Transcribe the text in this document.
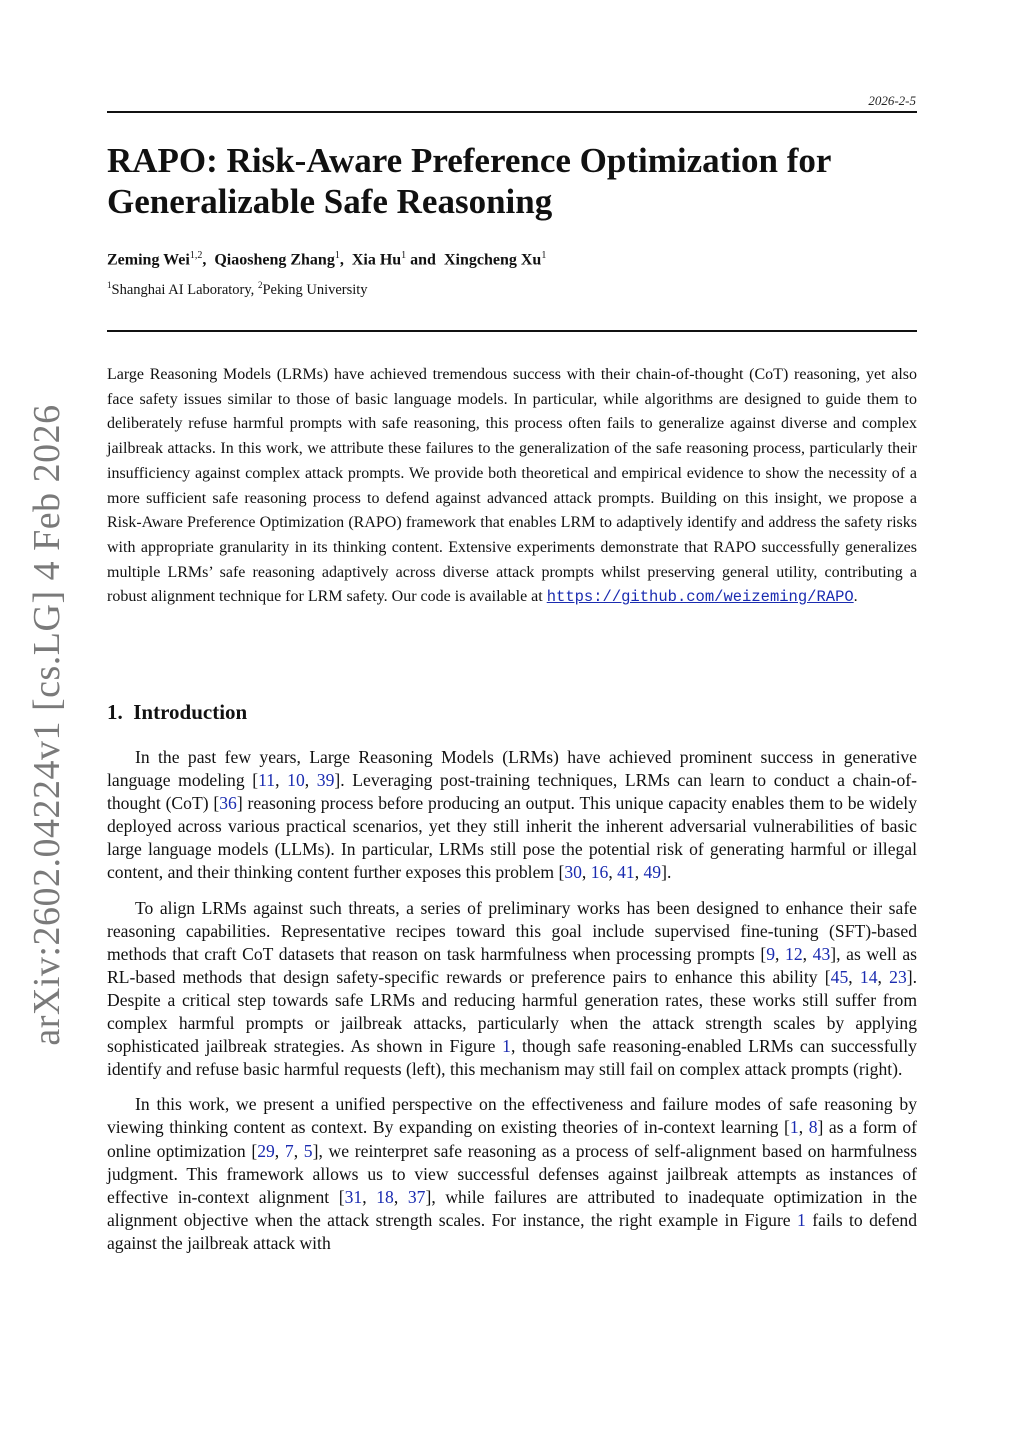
arXiv:2602.04224v1 [cs.LG] 4 Feb 2026
2026-2-5
RAPO: Risk-Aware Preference Optimization for
Generalizable Safe Reasoning
Zeming Wei$^{1,2}$,  Qiaosheng Zhang$^1$,  Xia Hu$^1$ and Xingcheng Xu$^1$
$^1$Shanghai AI Laboratory, $^2$Peking University

Large Reasoning Models (LRMs) have achieved tremendous success with their chain-of-thought (CoT) reasoning, yet also face safety issues similar to those of basic language models. In particular, while algorithms are designed to guide them to deliberately refuse harmful prompts with safe reasoning, this process often fails to generalize against diverse and complex jailbreak attacks. In this work, we attribute these failures to the generalization of the safe reasoning process, particularly their insufficiency against complex attack prompts. We provide both theoretical and empirical evidence to show the necessity of a more sufficient safe reasoning process to defend against advanced attack prompts. Building on this insight, we propose a Risk-Aware Preference Optimization (RAPO) framework that enables LRM to adaptively identify and address the safety risks with appropriate granularity in its thinking content. Extensive experiments demonstrate that RAPO successfully generalizes multiple LRMs’ safe reasoning adaptively across diverse attack prompts whilst preserving general utility, contributing a robust alignment technique for LRM safety. Our code is available at https://github.com/weizeming/RAPO.

1. Introduction

In the past few years, Large Reasoning Models (LRMs) have achieved prominent success in generative language modeling [11, 10, 39]. Leveraging post-training techniques, LRMs can learn to conduct a chain-of-thought (CoT) [36] reasoning process before producing an output. This unique capacity enables them to be widely deployed across various practical scenarios, yet they still inherit the inherent adversarial vulnerabilities of basic large language models (LLMs). In particular, LRMs still pose the potential risk of generating harmful or illegal content, and their thinking content further exposes this problem [30, 16, 41, 49].

To align LRMs against such threats, a series of preliminary works has been designed to enhance their safe reasoning capabilities. Representative recipes toward this goal include supervised fine-tuning (SFT)-based methods that craft CoT datasets that reason on task harmfulness when processing prompts [9, 12, 43], as well as RL-based methods that design safety-specific rewards or preference pairs to enhance this ability [45, 14, 23]. Despite a critical step towards safe LRMs and reducing harmful generation rates, these works still suffer from complex harmful prompts or jailbreak attacks, particularly when the attack strength scales by applying sophisticated jailbreak strategies. As shown in Figure 1, though safe reasoning-enabled LRMs can successfully identify and refuse basic harmful requests (left), this mechanism may still fail on complex attack prompts (right).

In this work, we present a unified perspective on the effectiveness and failure modes of safe reasoning by viewing thinking content as context. By expanding on existing theories of in-context learning [1, 8] as a form of online optimization [29, 7, 5], we reinterpret safe reasoning as a process of self-alignment based on harmfulness judgment. This framework allows us to view successful defenses against jailbreak attempts as instances of effective in-context alignment [31, 18, 37], while failures are attributed to inadequate optimization in the alignment objective when the attack strength scales. For instance, the right example in Figure 1 fails to defend against the jailbreak attack with
